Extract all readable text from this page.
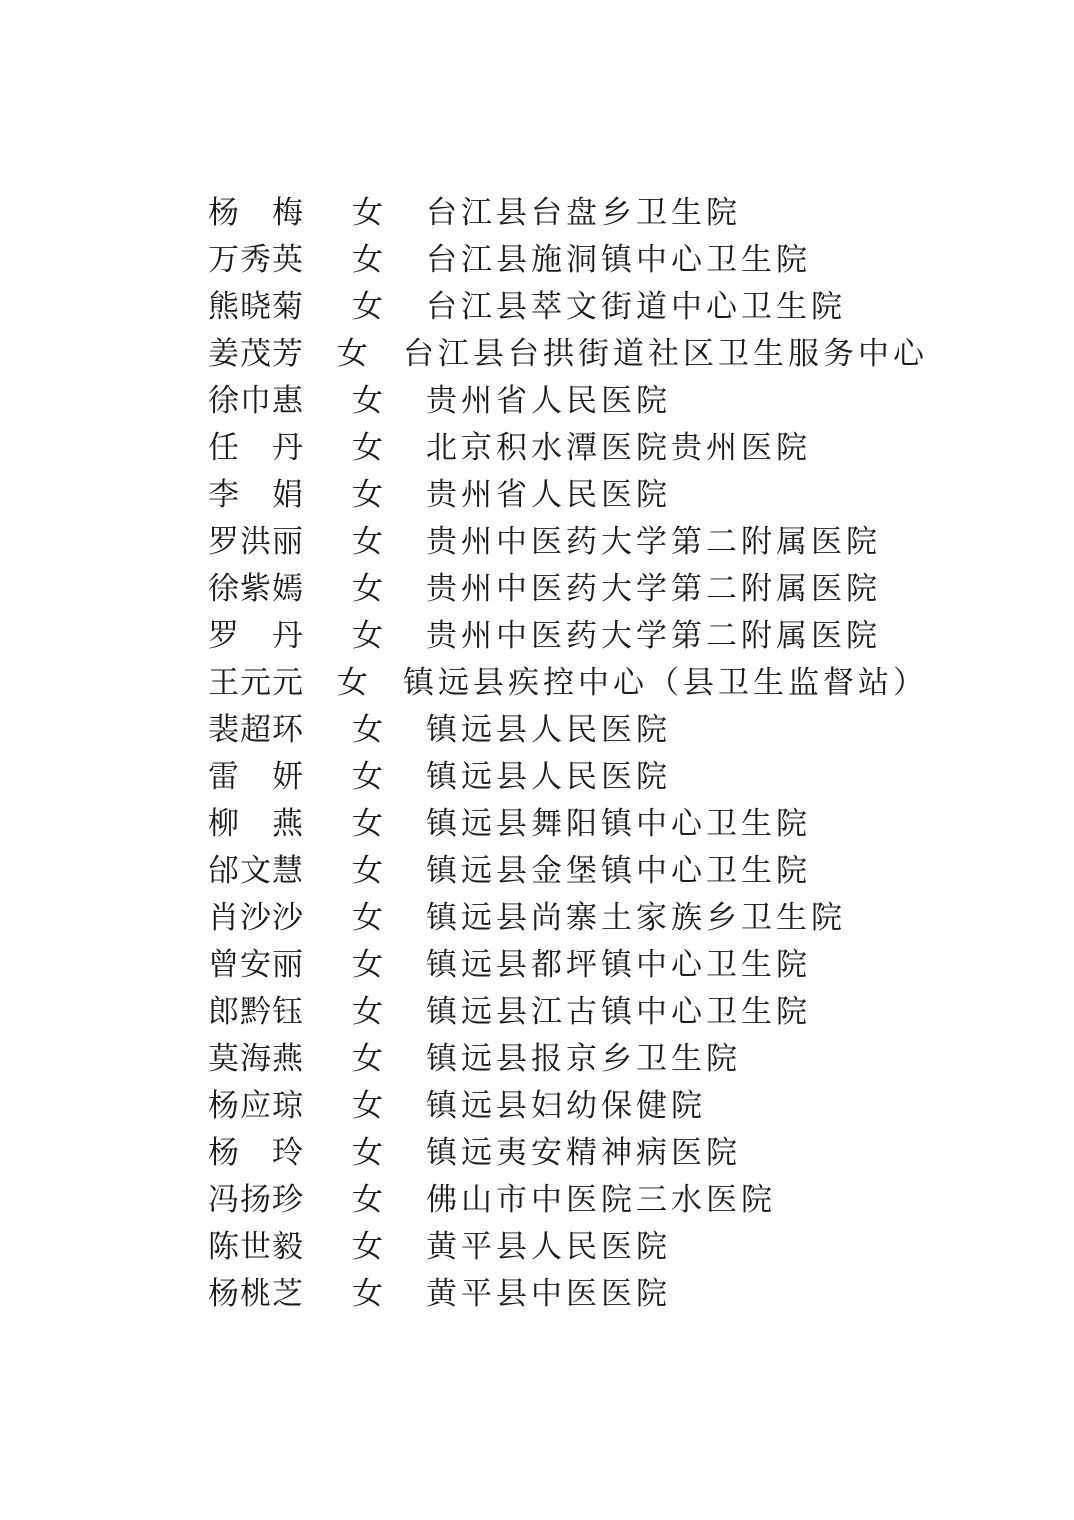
杨　梅	女	台江县台盘乡卫生院
万秀英	女	台江县施洞镇中心卫生院
熊晓菊	女	台江县萃文街道中心卫生院
姜茂芳	女	台江县台拱街道社区卫生服务中心
徐巾惠	女	贵州省人民医院
任　丹	女	北京积水潭医院贵州医院
李　娟	女	贵州省人民医院
罗洪丽	女	贵州中医药大学第二附属医院
徐紫嫣	女	贵州中医药大学第二附属医院
罗　丹	女	贵州中医药大学第二附属医院
王元元	女	镇远县疾控中心（县卫生监督站）
裴超环	女	镇远县人民医院
雷　妍	女	镇远县人民医院
柳　燕	女	镇远县舞阳镇中心卫生院
邰文慧	女	镇远县金堡镇中心卫生院
肖沙沙	女	镇远县尚寨土家族乡卫生院
曾安丽	女	镇远县都坪镇中心卫生院
郎黔钰	女	镇远县江古镇中心卫生院
莫海燕	女	镇远县报京乡卫生院
杨应琼	女	镇远县妇幼保健院
杨　玲	女	镇远夷安精神病医院
冯扬珍	女	佛山市中医院三水医院
陈世毅	女	黄平县人民医院
杨桃芝	女	黄平县中医医院
